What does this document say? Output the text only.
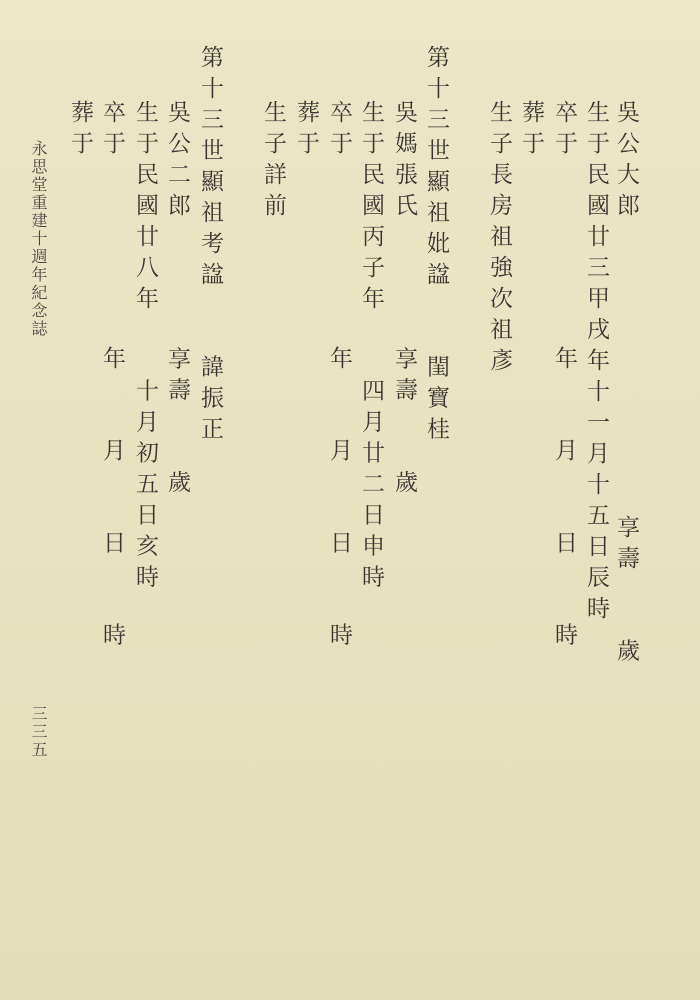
吳公大郎                   享壽    歲
生于民國廿三甲戌年十一月十五日辰時
卒于            年    月    日    時
葬于
生子長房祖強次祖彥
第十三世顯祖妣諡    閨寶桂
吳媽張氏        享壽    歲
生于民國丙子年    四月廿二日申時
卒于            年    月    日    時
葬于
生子詳前
第十三世顯祖考諡    諱振正
吳公二郎        享壽    歲
生于民國廿八年    十月初五日亥時
卒于            年    月    日    時
葬于
永思堂重建十週年紀念誌
三三五
